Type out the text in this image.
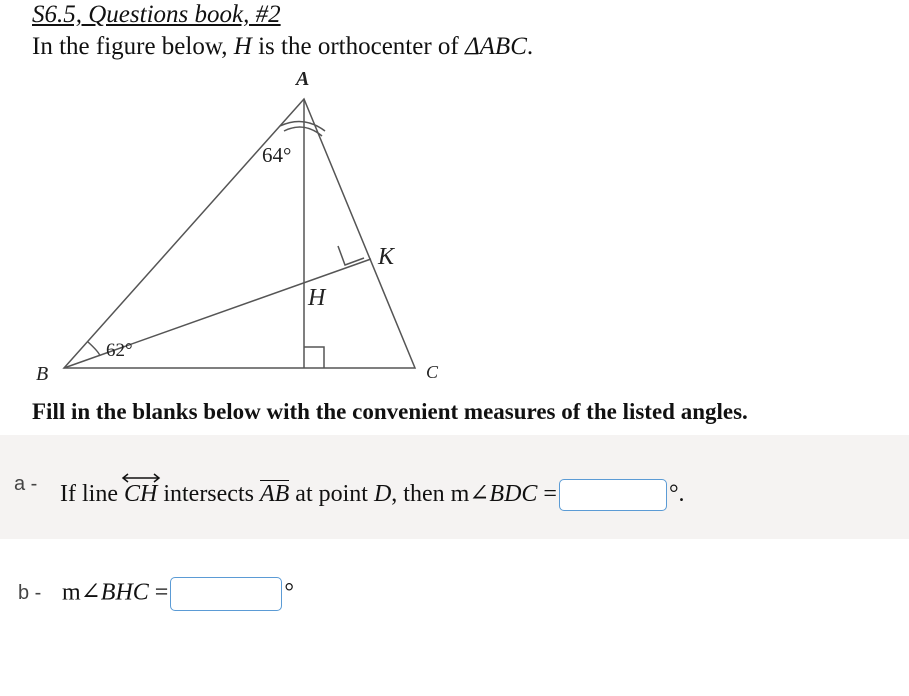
S6.5, Questions book, #2
In the figure below, H is the orthocenter of ΔABC.
A
B	C
H
K
64°
62°
Fill in the blanks below with the convenient measures of the listed angles.
a - If line
CH intersects
AB at point D, then m∠BDC =	°.
b - m∠BHC =	°
